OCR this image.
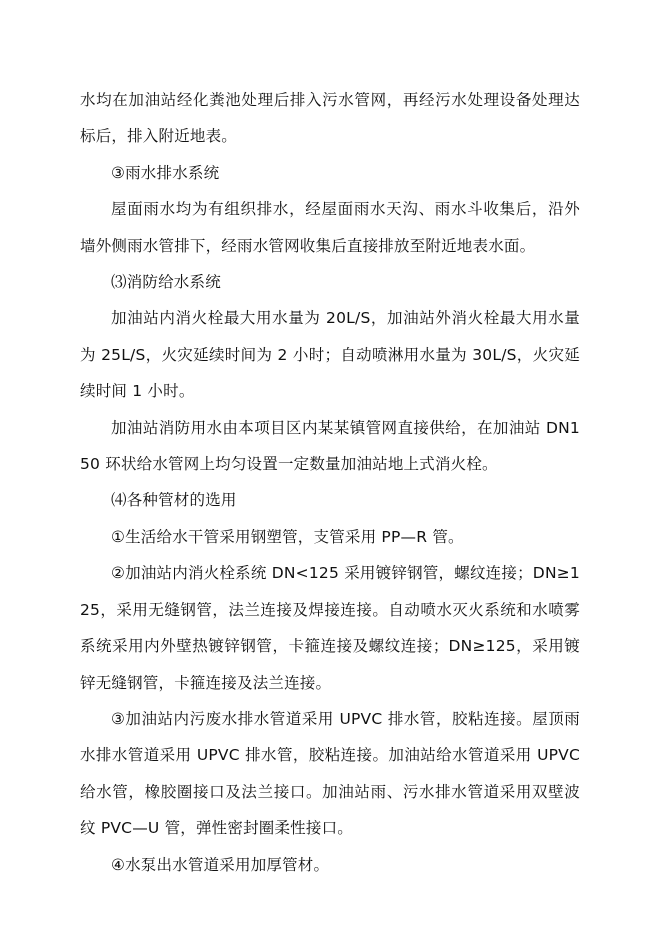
水均在加油站经化粪池处理后排入污水管网，再经污水处理设备处理达标后，排入附近地表。

③雨水排水系统

屋面雨水均为有组织排水，经屋面雨水天沟、雨水斗收集后，沿外墙外侧雨水管排下，经雨水管网收集后直接排放至附近地表水面。

⑶消防给水系统

加油站内消火栓最大用水量为 20L/S，加油站外消火栓最大用水量为 25L/S，火灾延续时间为 2 小时；自动喷淋用水量为 30L/S，火灾延续时间 1 小时。

加油站消防用水由本项目区内某某镇管网直接供给，在加油站 DN150 环状给水管网上均匀设置一定数量加油站地上式消火栓。

⑷各种管材的选用

①生活给水干管采用钢塑管，支管采用 PP—R 管。

②加油站内消火栓系统 DN<125 采用镀锌钢管，螺纹连接；DN≥125，采用无缝钢管，法兰连接及焊接连接。自动喷水灭火系统和水喷雾系统采用内外壁热镀锌钢管，卡箍连接及螺纹连接；DN≥125，采用镀锌无缝钢管，卡箍连接及法兰连接。

③加油站内污废水排水管道采用 UPVC 排水管，胶粘连接。屋顶雨水排水管道采用 UPVC 排水管，胶粘连接。加油站给水管道采用 UPVC 给水管，橡胶圈接口及法兰接口。加油站雨、污水排水管道采用双壁波纹 PVC—U 管，弹性密封圈柔性接口。

④水泵出水管道采用加厚管材。
